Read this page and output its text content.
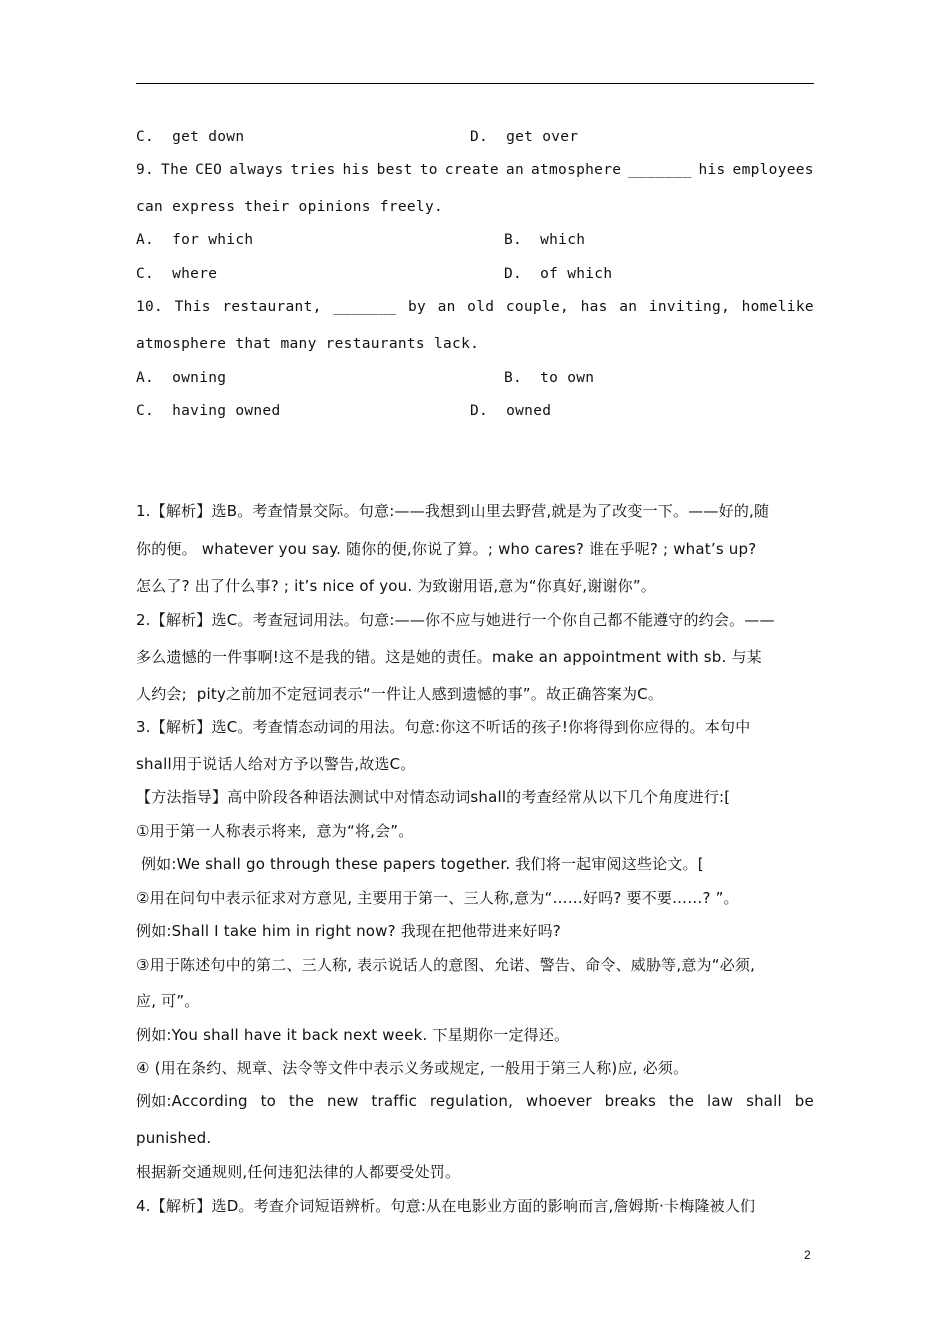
C.  get down	D.  get over
9. The CEO always tries his best to create an atmosphere _______ his employees
can express their opinions freely.
A.  for which	B.  which
C.  where	D.  of which
10. This restaurant, _______ by an old couple, has an inviting, homelike
atmosphere that many restaurants lack.
A.  owning	B.  to own
C.  having owned	D.  owned
1.【解析】选B。考查情景交际。句意:——我想到山里去野营,就是为了改变一下。——好的,随
你的便。 whatever you say. 随你的便,你说了算。; who cares? 谁在乎呢? ; what’s up?
怎么了? 出了什么事? ; it’s nice of you. 为致谢用语,意为“你真好,谢谢你”。
2.【解析】选C。考查冠词用法。句意:——你不应与她进行一个你自己都不能遵守的约会。——
多么遗憾的一件事啊!这不是我的错。这是她的责任。make an appointment with sb. 与某
人约会;  pity之前加不定冠词表示“一件让人感到遗憾的事”。故正确答案为C。
3.【解析】选C。考查情态动词的用法。句意:你这不听话的孩子!你将得到你应得的。本句中
shall用于说话人给对方予以警告,故选C。
【方法指导】高中阶段各种语法测试中对情态动词shall的考查经常从以下几个角度进行:[
①用于第一人称表示将来,  意为“将,会”。
例如:We shall go through these papers together. 我们将一起审阅这些论文。[
②用在问句中表示征求对方意见, 主要用于第一、三人称,意为“……好吗? 要不要……? ”。
例如:Shall I take him in right now? 我现在把他带进来好吗?
③用于陈述句中的第二、三人称, 表示说话人的意图、允诺、警告、命令、威胁等,意为“必须,
应, 可”。
例如:You shall have it back next week. 下星期你一定得还。
④ (用在条约、规章、法令等文件中表示义务或规定, 一般用于第三人称)应, 必须。
例如:According to the new traffic regulation, whoever breaks the law shall be
punished.
根据新交通规则,任何违犯法律的人都要受处罚。
4.【解析】选D。考查介词短语辨析。句意:从在电影业方面的影响而言,詹姆斯·卡梅隆被人们
2
